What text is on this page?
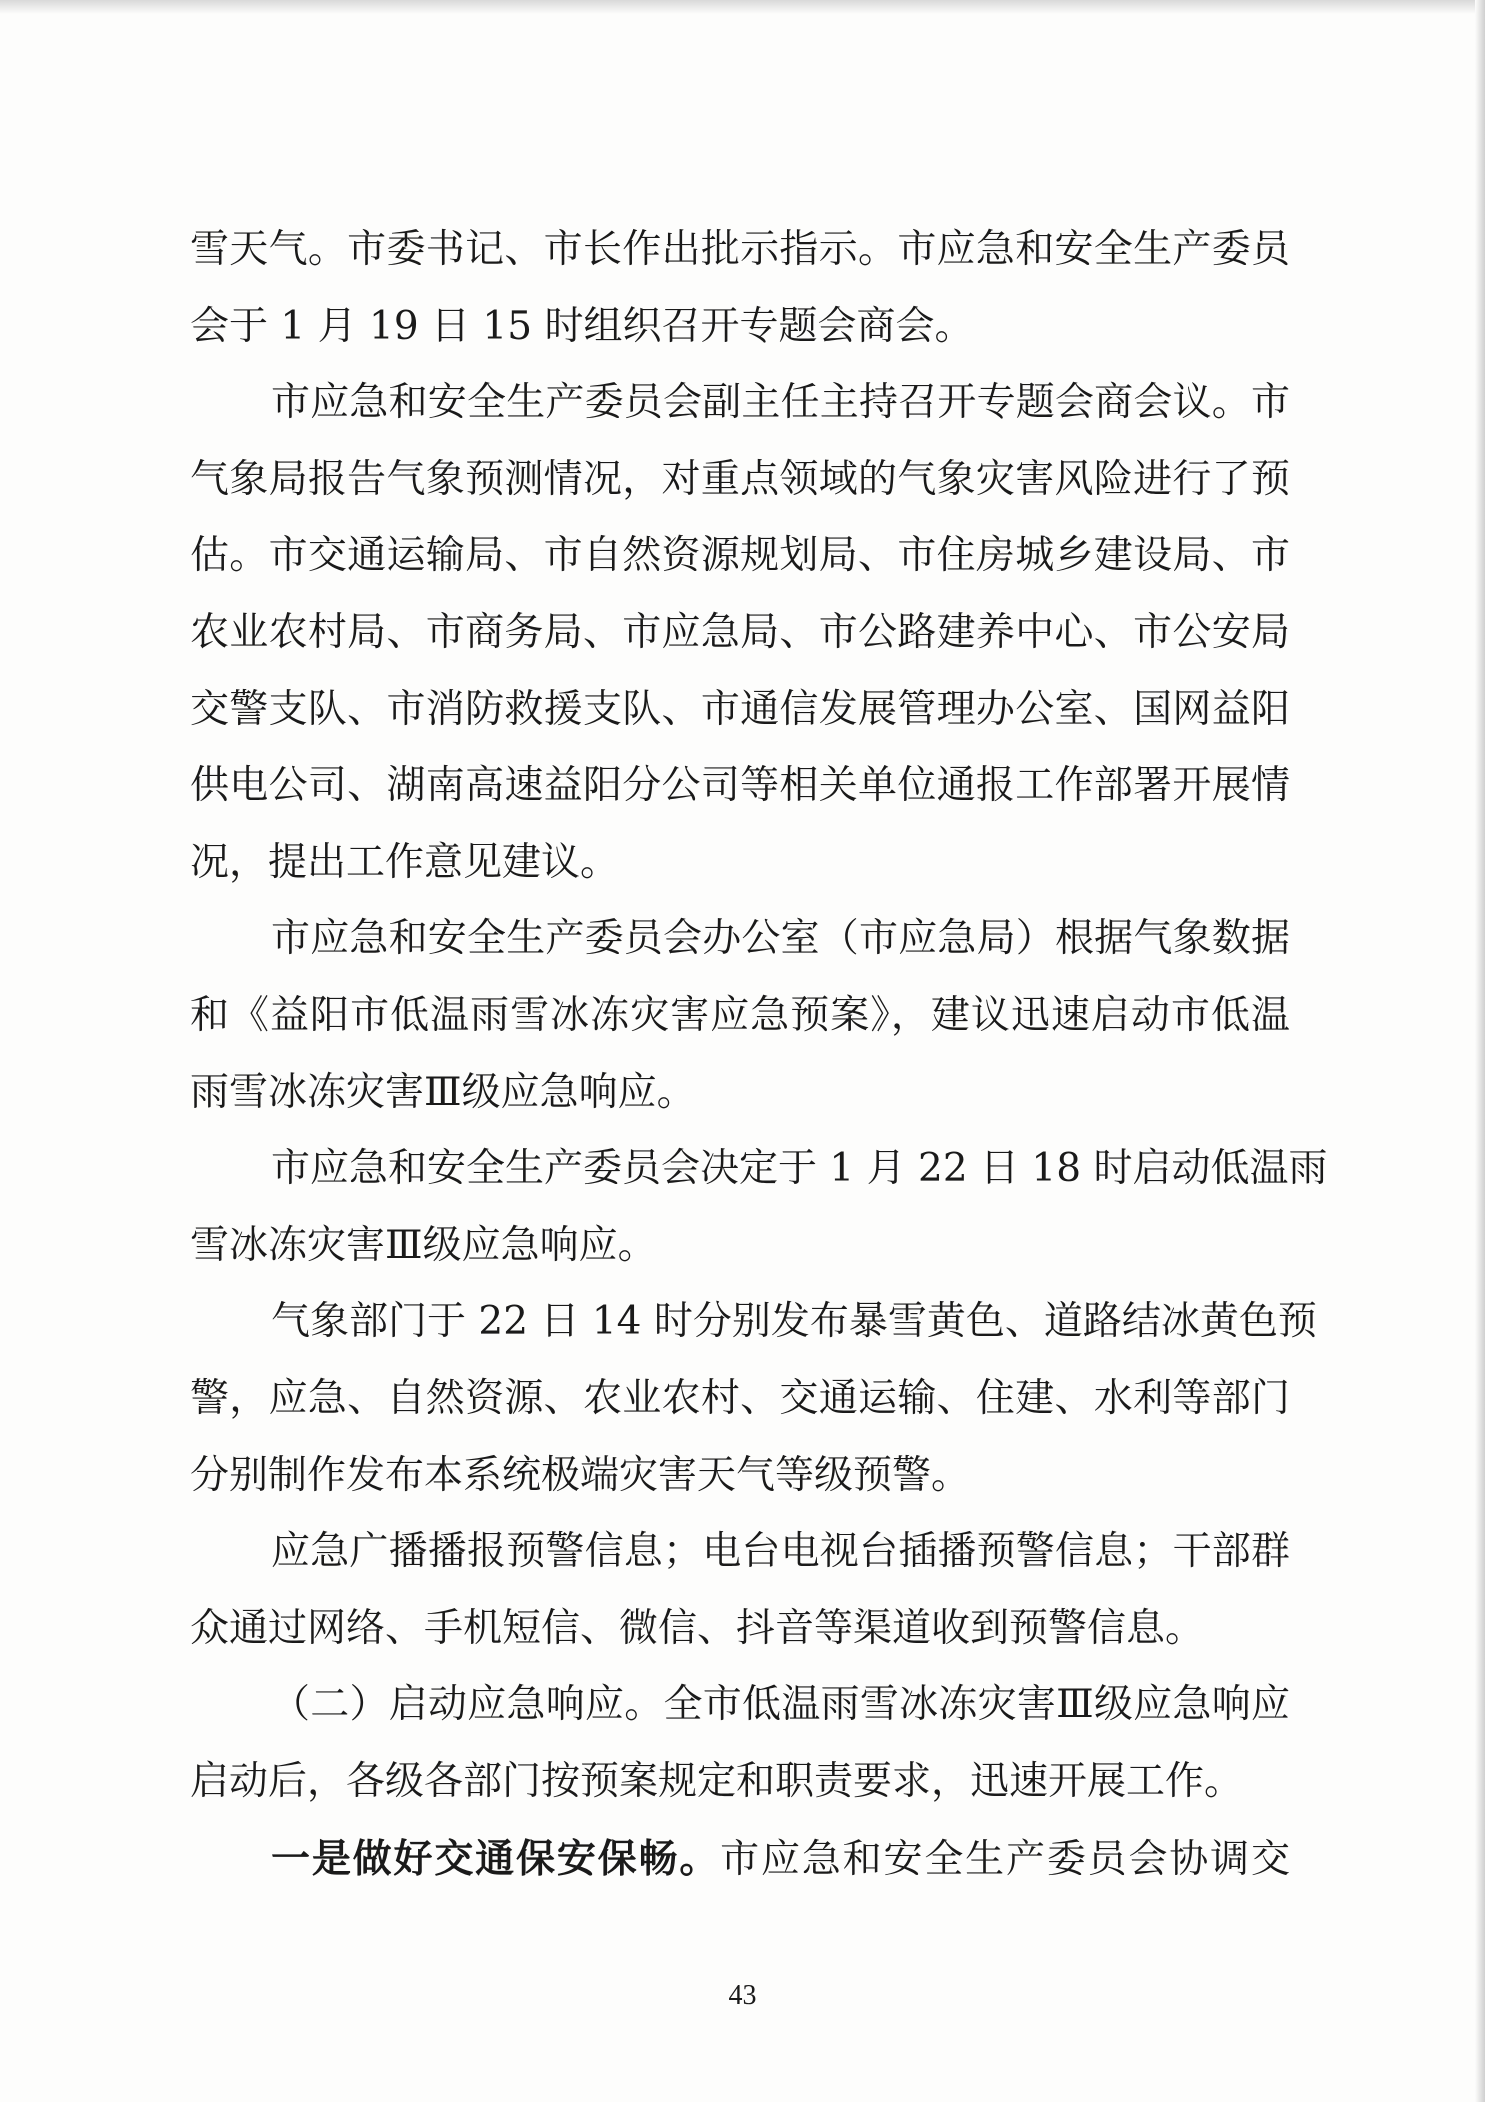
雪天气。市委书记、市长作出批示指示。市应急和安全生产委员
会于 1 月 19 日 15 时组织召开专题会商会。
市应急和安全生产委员会副主任主持召开专题会商会议。市
气象局报告气象预测情况，对重点领域的气象灾害风险进行了预
估。市交通运输局、市自然资源规划局、市住房城乡建设局、市
农业农村局、市商务局、市应急局、市公路建养中心、市公安局
交警支队、市消防救援支队、市通信发展管理办公室、国网益阳
供电公司、湖南高速益阳分公司等相关单位通报工作部署开展情
况，提出工作意见建议。
市应急和安全生产委员会办公室（市应急局）根据气象数据
和《益阳市低温雨雪冰冻灾害应急预案》，建议迅速启动市低温
雨雪冰冻灾害Ⅲ级应急响应。
市应急和安全生产委员会决定于 1 月 22 日 18 时启动低温雨
雪冰冻灾害Ⅲ级应急响应。
气象部门于 22 日 14 时分别发布暴雪黄色、道路结冰黄色预
警，应急、自然资源、农业农村、交通运输、住建、水利等部门
分别制作发布本系统极端灾害天气等级预警。
应急广播播报预警信息；电台电视台插播预警信息；干部群
众通过网络、手机短信、微信、抖音等渠道收到预警信息。
（二）启动应急响应。全市低温雨雪冰冻灾害Ⅲ级应急响应
启动后，各级各部门按预案规定和职责要求，迅速开展工作。
一是做好交通保安保畅。市应急和安全生产委员会协调交
43
